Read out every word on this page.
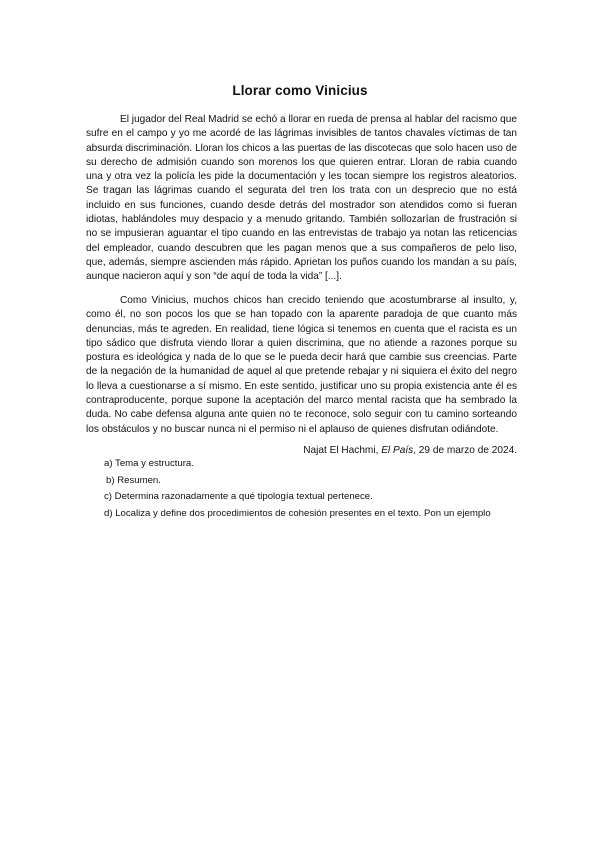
Llorar como Vinicius

El jugador del Real Madrid se echó a llorar en rueda de prensa al hablar del racismo que sufre en el campo y yo me acordé de las lágrimas invisibles de tantos chavales víctimas de tan absurda discriminación. Lloran los chicos a las puertas de las discotecas que solo hacen uso de su derecho de admisión cuando son morenos los que quieren entrar. Lloran de rabia cuando una y otra vez la policía les pide la documentación y les tocan siempre los registros aleatorios. Se tragan las lágrimas cuando el segurata del tren los trata con un desprecio que no está incluido en sus funciones, cuando desde detrás del mostrador son atendidos como si fueran idiotas, hablándoles muy despacio y a menudo gritando. También sollozarían de frustración si no se impusieran aguantar el tipo cuando en las entrevistas de trabajo ya notan las reticencias del empleador, cuando descubren que les pagan menos que a sus compañeros de pelo liso, que, además, siempre ascienden más rápido. Aprietan los puños cuando los mandan a su país, aunque nacieron aquí y son “de aquí de toda la vida” [...].

Como Vinicius, muchos chicos han crecido teniendo que acostumbrarse al insulto, y, como él, no son pocos los que se han topado con la aparente paradoja de que cuanto más denuncias, más te agreden. En realidad, tiene lógica si tenemos en cuenta que el racista es un tipo sádico que disfruta viendo llorar a quien discrimina, que no atiende a razones porque su postura es ideológica y nada de lo que se le pueda decir hará que cambie sus creencias. Parte de la negación de la humanidad de aquel al que pretende rebajar y ni siquiera el éxito del negro lo lleva a cuestionarse a sí mismo. En este sentido, justificar uno su propia existencia ante él es contraproducente, porque supone la aceptación del marco mental racista que ha sembrado la duda. No cabe defensa alguna ante quien no te reconoce, solo seguir con tu camino sorteando los obstáculos y no buscar nunca ni el permiso ni el aplauso de quienes disfrutan odiándote.

Najat El Hachmi, El País, 29 de marzo de 2024.
a) Tema y estructura.
b) Resumen.
c) Determina razonadamente a qué tipología textual pertenece.
d) Localiza y define dos procedimientos de cohesión presentes en el texto. Pon un ejemplo
